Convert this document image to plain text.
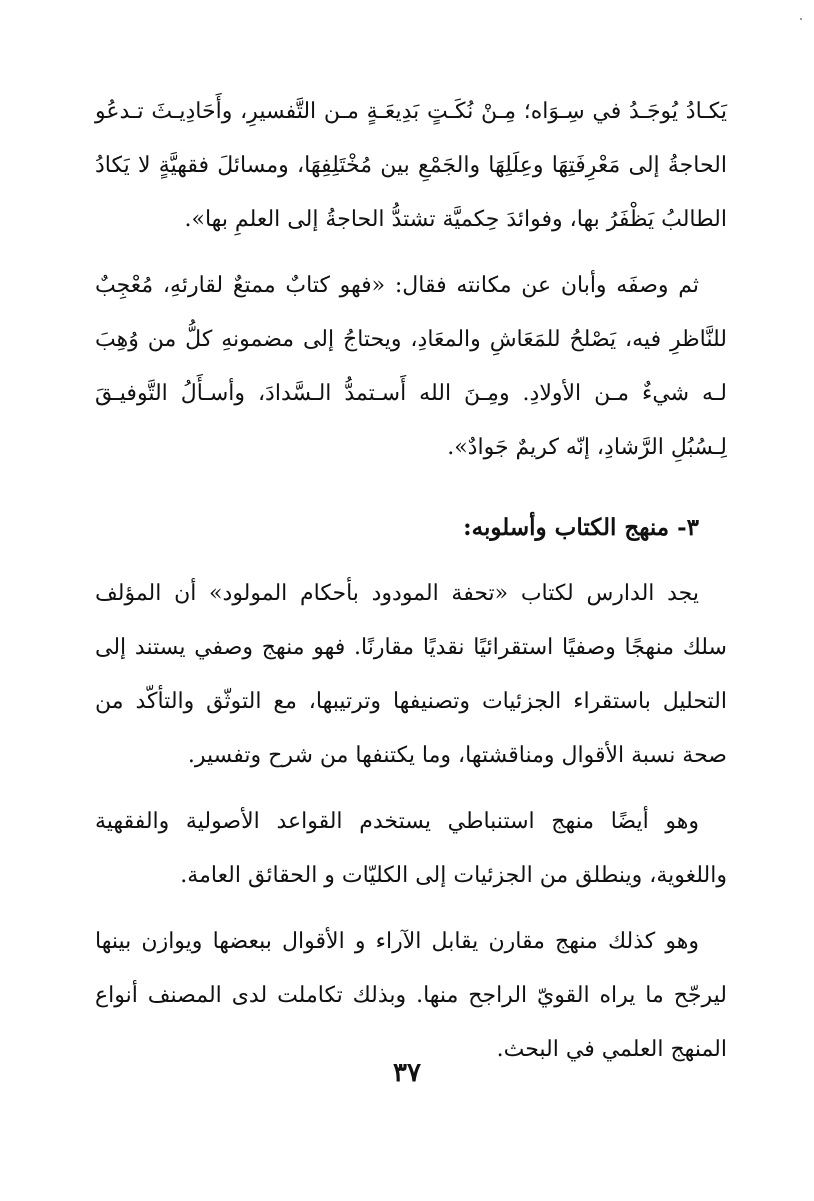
يَكـادُ يُوجَـدُ في سِـوَاه؛ مِـنْ نُكَـتٍ بَدِيعَـةٍ مـن التَّفسيرِ، وأَحَادِيـثَ تـدعُو الحاجةُ إلى مَعْرِفَتِهَا وعِلَلِهَا والجَمْعِ بين مُخْتَلِفِهَا، ومسائلَ فقهيَّةٍ لا يَكادُ الطالبُ يَظْفَرُ بها، وفوائدَ حِكميَّة تشتدُّ الحاجةُ إلى العلمِ بها».

ثم وصفَه وأبان عن مكانته فقال: «فهو كتابٌ ممتعٌ لقارئهِ، مُعْجِبٌ للنَّاظرِ فيه، يَصْلحُ للمَعَاشِ والمعَادِ، ويحتاجُ إلى مضمونهِ كلُّ من وُهِبَ لـه شيءٌ مـن الأولادِ. ومِـنَ الله أَسـتمدُّ الـسَّدادَ، وأسـأَلُ التَّوفيـقَ لِـسُبُلِ الرَّشادِ، إنّه كريمٌ جَوادٌ».

٣- منهج الكتاب وأسلوبه:

يجد الدارس لكتاب «تحفة المودود بأحكام المولود» أن المؤلف سلك منهجًا وصفيًا استقرائيًا نقديًا مقارنًا. فهو منهج وصفي يستند إلى التحليل باستقراء الجزئيات وتصنيفها وترتيبها، مع التوثّق والتأكّد من صحة نسبة الأقوال ومناقشتها، وما يكتنفها من شرح وتفسير.

وهو أيضًا منهج استنباطي يستخدم القواعد الأصولية والفقهية واللغوية، وينطلق من الجزئيات إلى الكليّات و الحقائق العامة.

وهو كذلك منهج مقارن يقابل الآراء و الأقوال ببعضها ويوازن بينها ليرجّح ما يراه القويّ الراجح منها. وبذلك تكاملت لدى المصنف أنواع المنهج العلمي في البحث.

٣٧
